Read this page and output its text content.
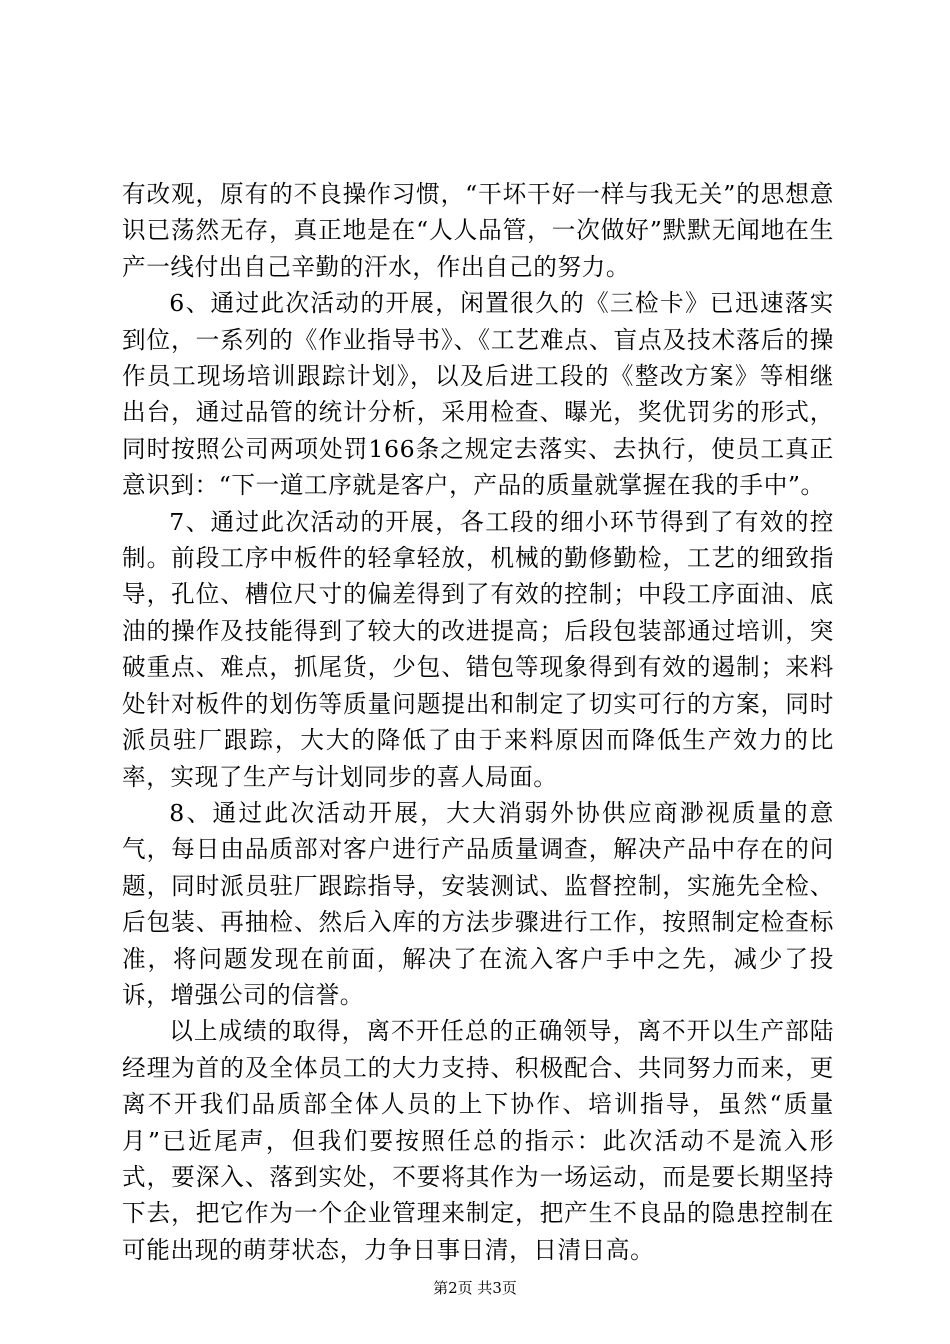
有改观，原有的不良操作习惯，“干坏干好一样与我无关”的思想意识已荡然无存，真正地是在“人人品管，一次做好”默默无闻地在生产一线付出自己辛勤的汗水，作出自己的努力。

6、通过此次活动的开展，闲置很久的《三检卡》已迅速落实到位，一系列的《作业指导书》、《工艺难点、盲点及技术落后的操作员工现场培训跟踪计划》，以及后进工段的《整改方案》等相继出台，通过品管的统计分析，采用检查、曝光，奖优罚劣的形式，同时按照公司两项处罚166条之规定去落实、去执行，使员工真正意识到：“下一道工序就是客户，产品的质量就掌握在我的手中”。

7、通过此次活动的开展，各工段的细小环节得到了有效的控制。前段工序中板件的轻拿轻放，机械的勤修勤检，工艺的细致指导，孔位、槽位尺寸的偏差得到了有效的控制；中段工序面油、底油的操作及技能得到了较大的改进提高；后段包装部通过培训，突破重点、难点，抓尾货，少包、错包等现象得到有效的遏制；来料处针对板件的划伤等质量问题提出和制定了切实可行的方案，同时派员驻厂跟踪，大大的降低了由于来料原因而降低生产效力的比率，实现了生产与计划同步的喜人局面。

8、通过此次活动开展，大大消弱外协供应商渺视质量的意气，每日由品质部对客户进行产品质量调查，解决产品中存在的问题，同时派员驻厂跟踪指导，安装测试、监督控制，实施先全检、后包装、再抽检、然后入库的方法步骤进行工作，按照制定检查标准，将问题发现在前面，解决了在流入客户手中之先，减少了投诉，增强公司的信誉。

以上成绩的取得，离不开任总的正确领导，离不开以生产部陆经理为首的及全体员工的大力支持、积极配合、共同努力而来，更离不开我们品质部全体人员的上下协作、培训指导，虽然“质量月”已近尾声，但我们要按照任总的指示：此次活动不是流入形式，要深入、落到实处，不要将其作为一场运动，而是要长期坚持下去，把它作为一个企业管理来制定，把产生不良品的隐患控制在可能出现的萌芽状态，力争日事日清，日清日高。

第2页 共3页
